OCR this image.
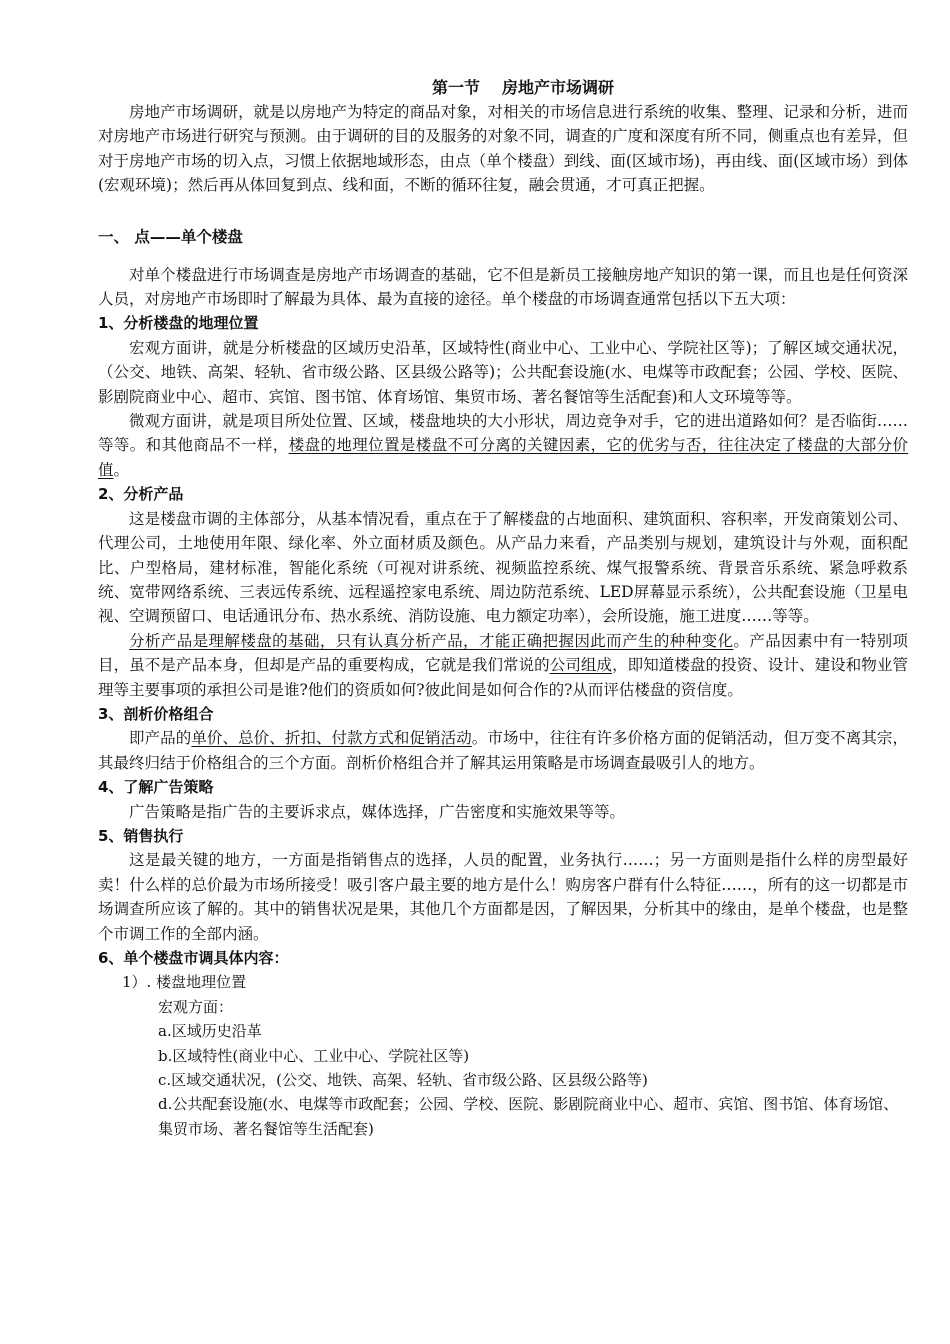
第一节 房地产市场调研

房地产市场调研，就是以房地产为特定的商品对象，对相关的市场信息进行系统的收集、整理、记录和分析，进而对房地产市场进行研究与预测。由于调研的目的及服务的对象不同，调查的广度和深度有所不同，侧重点也有差异，但对于房地产市场的切入点，习惯上依据地域形态，由点（单个楼盘）到线、面(区域市场)，再由线、面(区域市场）到体(宏观环境)；然后再从体回复到点、线和面，不断的循环往复，融会贯通，才可真正把握。

一、 点——单个楼盘

对单个楼盘进行市场调查是房地产市场调查的基础，它不但是新员工接触房地产知识的第一课，而且也是任何资深人员，对房地产市场即时了解最为具体、最为直接的途径。单个楼盘的市场调查通常包括以下五大项：

1、分析楼盘的地理位置

宏观方面讲，就是分析楼盘的区域历史沿革，区域特性(商业中心、工业中心、学院社区等)；了解区域交通状况，（公交、地铁、高架、轻轨、省市级公路、区县级公路等)；公共配套设施(水、电煤等市政配套；公园、学校、医院、影剧院商业中心、超市、宾馆、图书馆、体育场馆、集贸市场、著名餐馆等生活配套)和人文环境等等。

微观方面讲，就是项目所处位置、区域，楼盘地块的大小形状，周边竞争对手，它的进出道路如何？是否临街……等等。和其他商品不一样，楼盘的地理位置是楼盘不可分离的关键因素，它的优劣与否，往往决定了楼盘的大部分价值。

2、分析产品

这是楼盘市调的主体部分，从基本情况看，重点在于了解楼盘的占地面积、建筑面积、容积率，开发商策划公司、代理公司，土地使用年限、绿化率、外立面材质及颜色。从产品力来看，产品类别与规划，建筑设计与外观，面积配比、户型格局，建材标准，智能化系统（可视对讲系统、视频监控系统、煤气报警系统、背景音乐系统、紧急呼救系统、宽带网络系统、三表远传系统、远程遥控家电系统、周边防范系统、LED屏幕显示系统），公共配套设施（卫星电视、空调预留口、电话通讯分布、热水系统、消防设施、电力额定功率），会所设施，施工进度……等等。

分析产品是理解楼盘的基础，只有认真分析产品，才能正确把握因此而产生的种种变化。产品因素中有一特别项目，虽不是产品本身，但却是产品的重要构成，它就是我们常说的公司组成，即知道楼盘的投资、设计、建设和物业管理等主要事项的承担公司是谁?他们的资质如何?彼此间是如何合作的?从而评估楼盘的资信度。

3、剖析价格组合

即产品的单价、总价、折扣、付款方式和促销活动。市场中，往往有许多价格方面的促销活动，但万变不离其宗，其最终归结于价格组合的三个方面。剖析价格组合并了解其运用策略是市场调查最吸引人的地方。

4、了解广告策略

广告策略是指广告的主要诉求点，媒体选择，广告密度和实施效果等等。

5、销售执行

这是最关键的地方，一方面是指销售点的选择，人员的配置，业务执行……；另一方面则是指什么样的房型最好卖！什么样的总价最为市场所接受！吸引客户最主要的地方是什么！购房客户群有什么特征……，所有的这一切都是市场调查所应该了解的。其中的销售状况是果，其他几个方面都是因，了解因果，分析其中的缘由，是单个楼盘，也是整个市调工作的全部内涵。

6、单个楼盘市调具体内容：
1）. 楼盘地理位置
宏观方面：
a.区域历史沿革
b.区域特性(商业中心、工业中心、学院社区等)
c.区域交通状况，(公交、地铁、高架、轻轨、省市级公路、区县级公路等)
d.公共配套设施(水、电煤等市政配套；公园、学校、医院、影剧院商业中心、超市、宾馆、图书馆、体育场馆、集贸市场、著名餐馆等生活配套)
